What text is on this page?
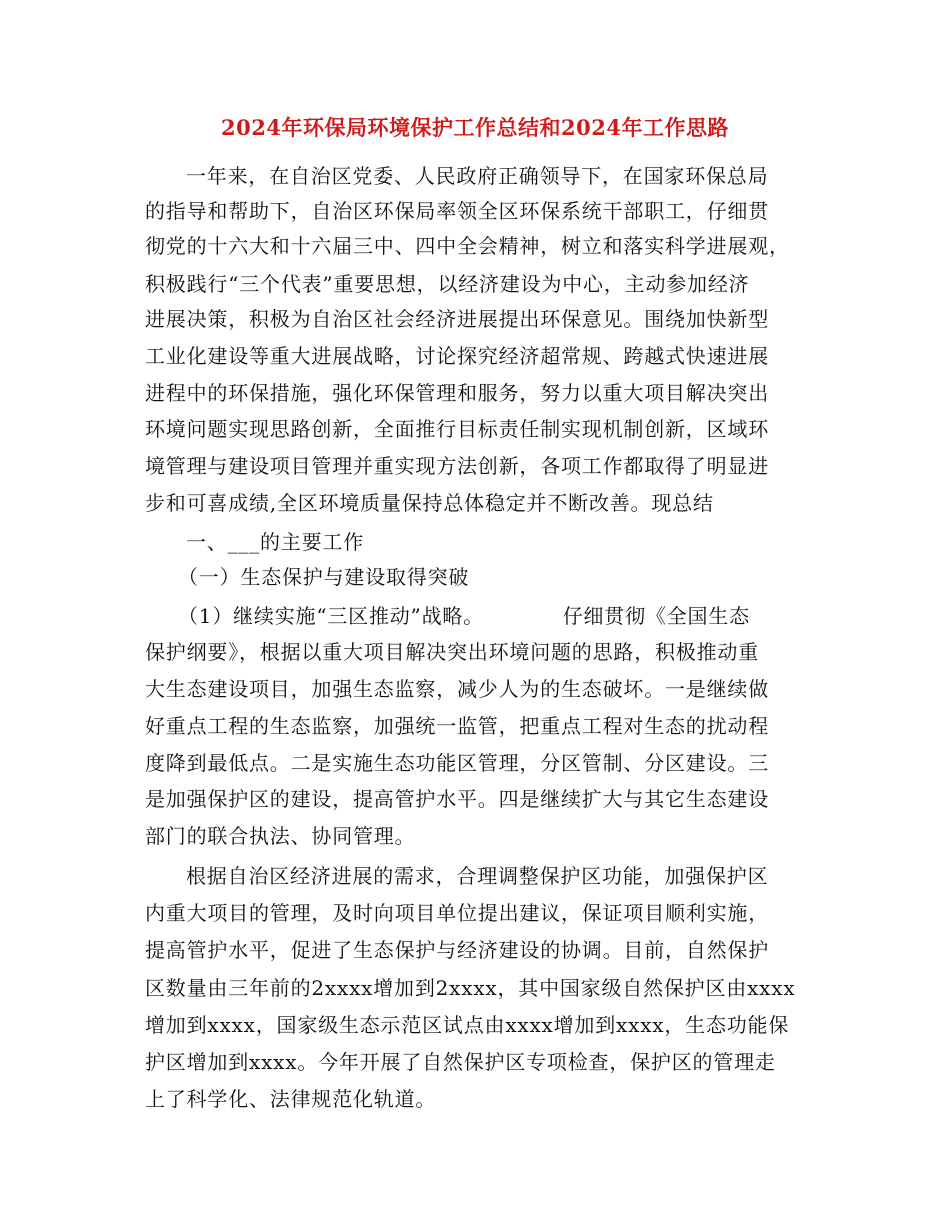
2024年环保局环境保护工作总结和2024年工作思路
一年来，在自治区党委、人民政府正确领导下，在国家环保总局
的指导和帮助下，自治区环保局率领全区环保系统干部职工，仔细贯
彻党的十六大和十六届三中、四中全会精神，树立和落实科学进展观，
积极践行“三个代表”重要思想，以经济建设为中心，主动参加经济
进展决策，积极为自治区社会经济进展提出环保意见。围绕加快新型
工业化建设等重大进展战略，讨论探究经济超常规、跨越式快速进展
进程中的环保措施，强化环保管理和服务，努力以重大项目解决突出
环境问题实现思路创新，全面推行目标责任制实现机制创新，区域环
境管理与建设项目管理并重实现方法创新，各项工作都取得了明显进
步和可喜成绩,全区环境质量保持总体稳定并不断改善。现总结
一、___的主要工作
（一）生态保护与建设取得突破
（1）继续实施“三区推动”战略。           仔细贯彻《全国生态
保护纲要》，根据以重大项目解决突出环境问题的思路，积极推动重
大生态建设项目，加强生态监察，减少人为的生态破坏。一是继续做
好重点工程的生态监察，加强统一监管，把重点工程对生态的扰动程
度降到最低点。二是实施生态功能区管理，分区管制、分区建设。三
是加强保护区的建设，提高管护水平。四是继续扩大与其它生态建设
部门的联合执法、协同管理。
根据自治区经济进展的需求，合理调整保护区功能，加强保护区
内重大项目的管理，及时向项目单位提出建议，保证项目顺利实施，
提高管护水平，促进了生态保护与经济建设的协调。目前，自然保护
区数量由三年前的2xxxx增加到2xxxx，其中国家级自然保护区由xxxx
增加到xxxx，国家级生态示范区试点由xxxx增加到xxxx，生态功能保
护区增加到xxxx。今年开展了自然保护区专项检查，保护区的管理走
上了科学化、法律规范化轨道。
